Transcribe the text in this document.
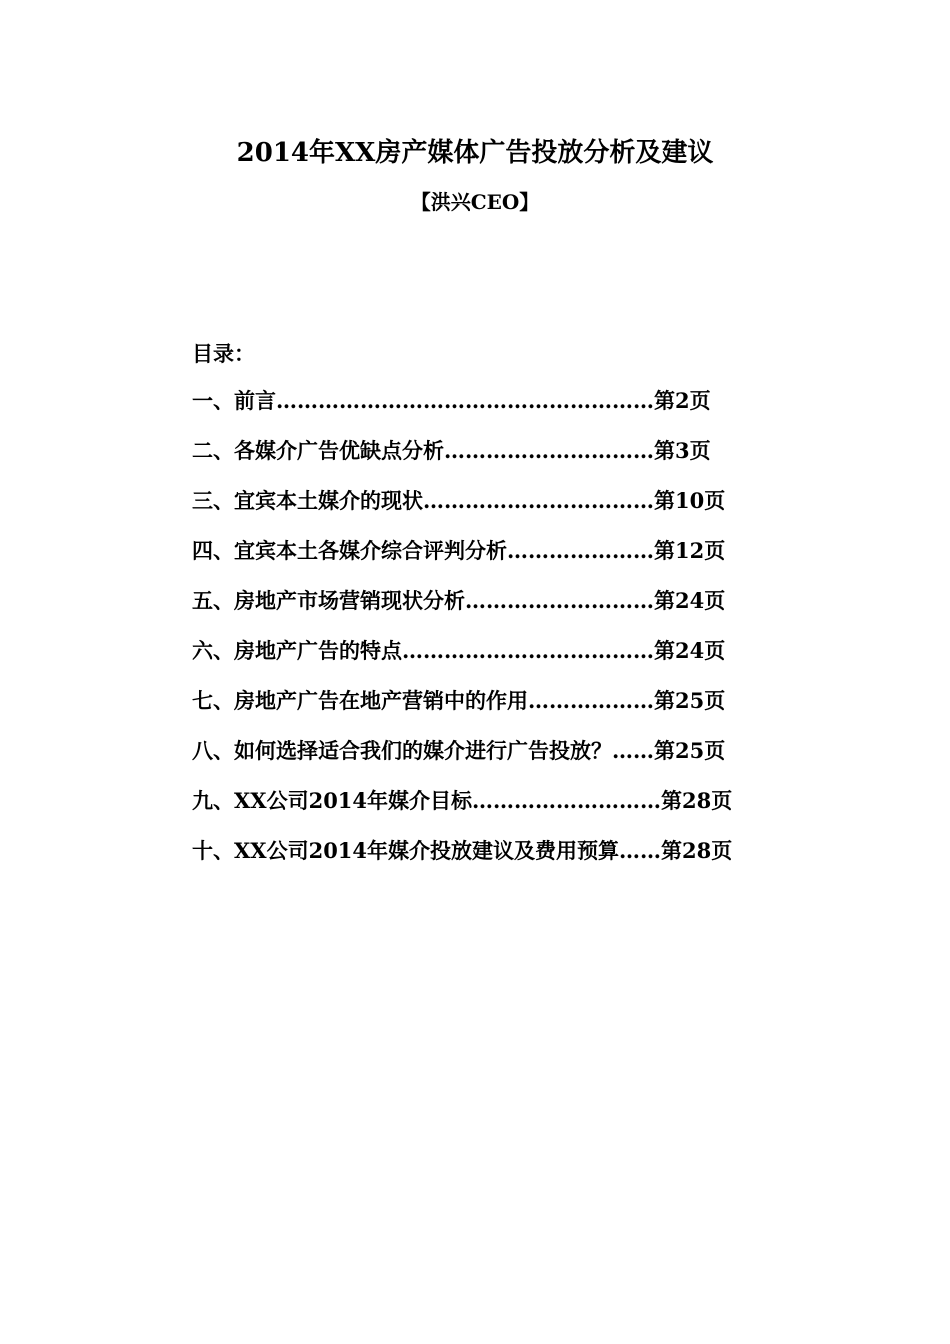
2014年XX房产媒体广告投放分析及建议
【洪兴CEO】
目录：
一、前言………………………………………………第2页
二、各媒介广告优缺点分析…………………………第3页
三、宜宾本土媒介的现状……………………………第10页
四、宜宾本土各媒介综合评判分析…………………第12页
五、房地产市场营销现状分析………………………第24页
六、房地产广告的特点………………………………第24页
七、房地产广告在地产营销中的作用………………第25页
八、如何选择适合我们的媒介进行广告投放？……第25页
九、XX公司2014年媒介目标………………………第28页
十、XX公司2014年媒介投放建议及费用预算……第28页
